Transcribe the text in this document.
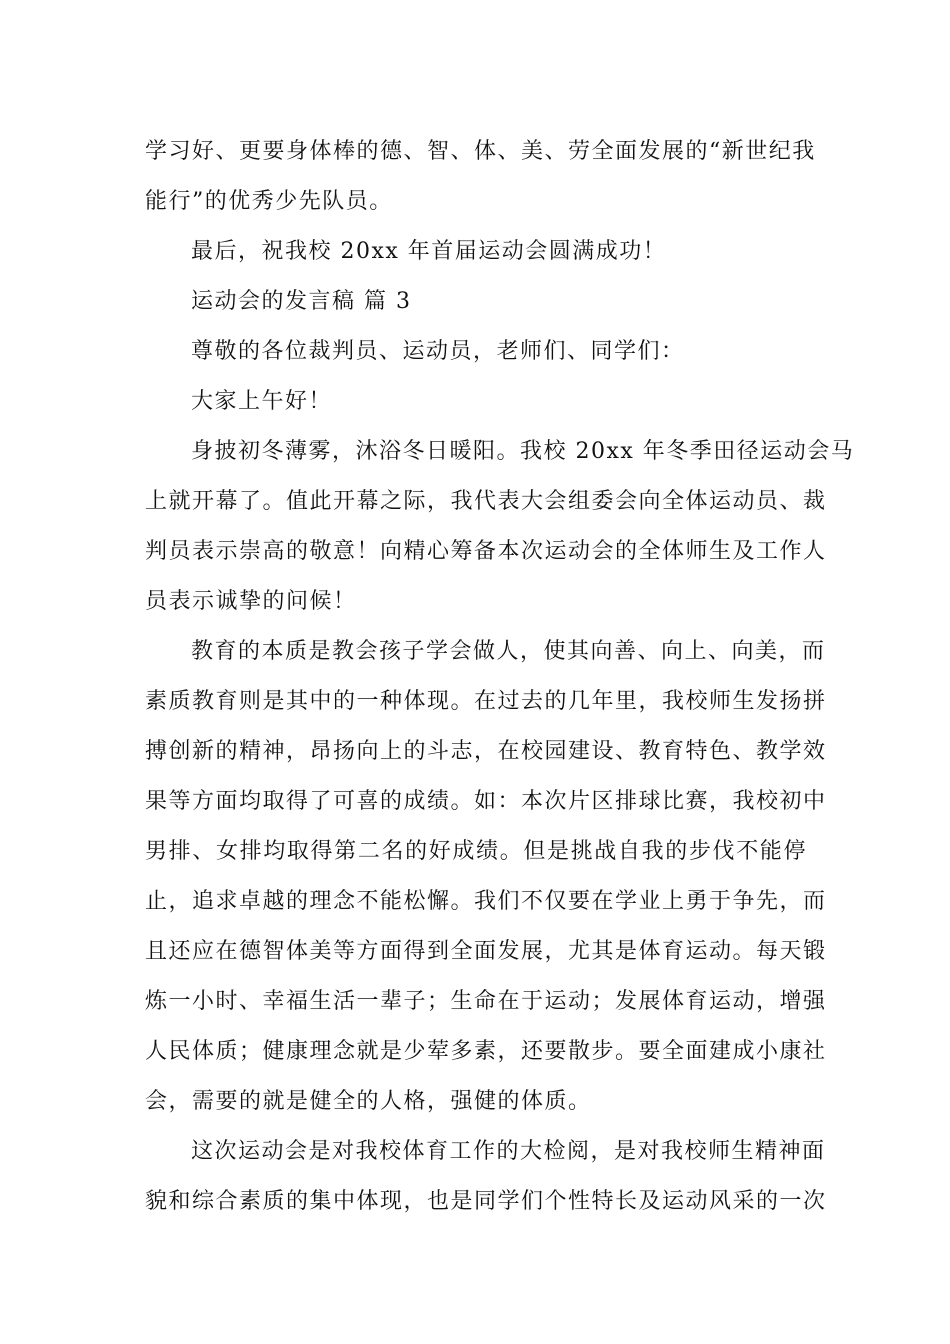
学习好、更要身体棒的德、智、体、美、劳全面发展的“新世纪我
能行”的优秀少先队员。
最后，祝我校 20xx 年首届运动会圆满成功！
运动会的发言稿 篇 3
尊敬的各位裁判员、运动员，老师们、同学们：
大家上午好！
身披初冬薄雾，沐浴冬日暖阳。我校 20xx 年冬季田径运动会马
上就开幕了。值此开幕之际，我代表大会组委会向全体运动员、裁
判员表示崇高的敬意！向精心筹备本次运动会的全体师生及工作人
员表示诚挚的问候！
教育的本质是教会孩子学会做人，使其向善、向上、向美，而
素质教育则是其中的一种体现。在过去的几年里，我校师生发扬拼
搏创新的精神，昂扬向上的斗志，在校园建设、教育特色、教学效
果等方面均取得了可喜的成绩。如：本次片区排球比赛，我校初中
男排、女排均取得第二名的好成绩。但是挑战自我的步伐不能停
止，追求卓越的理念不能松懈。我们不仅要在学业上勇于争先，而
且还应在德智体美等方面得到全面发展，尤其是体育运动。每天锻
炼一小时、幸福生活一辈子；生命在于运动；发展体育运动，增强
人民体质；健康理念就是少荤多素，还要散步。要全面建成小康社
会，需要的就是健全的人格，强健的体质。
这次运动会是对我校体育工作的大检阅，是对我校师生精神面
貌和综合素质的集中体现，也是同学们个性特长及运动风采的一次
